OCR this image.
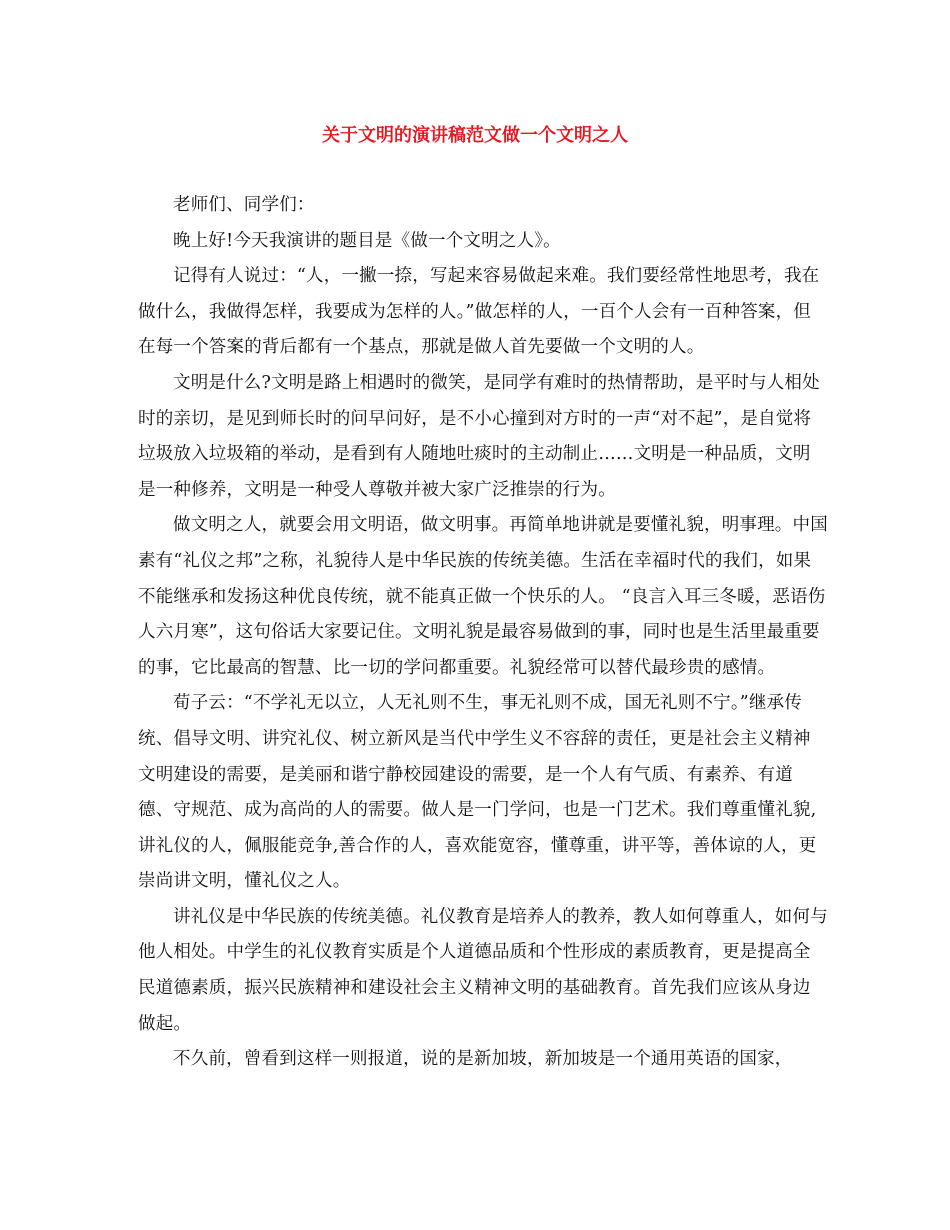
关于文明的演讲稿范文做一个文明之人

老师们、同学们：

晚上好!今天我演讲的题目是《做一个文明之人》。

记得有人说过：“人，一撇一捺，写起来容易做起来难。我们要经常性地思考，我在做什么，我做得怎样，我要成为怎样的人。”做怎样的人，一百个人会有一百种答案，但在每一个答案的背后都有一个基点，那就是做人首先要做一个文明的人。

文明是什么?文明是路上相遇时的微笑，是同学有难时的热情帮助，是平时与人相处时的亲切，是见到师长时的问早问好，是不小心撞到对方时的一声“对不起”，是自觉将垃圾放入垃圾箱的举动，是看到有人随地吐痰时的主动制止……文明是一种品质，文明是一种修养，文明是一种受人尊敬并被大家广泛推崇的行为。

做文明之人，就要会用文明语，做文明事。再简单地讲就是要懂礼貌，明事理。中国素有“礼仪之邦”之称，礼貌待人是中华民族的传统美德。生活在幸福时代的我们，如果不能继承和发扬这种优良传统，就不能真正做一个快乐的人。 “良言入耳三冬暖，恶语伤人六月寒”，这句俗话大家要记住。文明礼貌是最容易做到的事，同时也是生活里最重要的事，它比最高的智慧、比一切的学问都重要。礼貌经常可以替代最珍贵的感情。

荀子云：“不学礼无以立，人无礼则不生，事无礼则不成，国无礼则不宁。”继承传统、倡导文明、讲究礼仪、树立新风是当代中学生义不容辞的责任，更是社会主义精神文明建设的需要，是美丽和谐宁静校园建设的需要，是一个人有气质、有素养、有道德、守规范、成为高尚的人的需要。做人是一门学问，也是一门艺术。我们尊重懂礼貌,讲礼仪的人，佩服能竞争,善合作的人，喜欢能宽容，懂尊重，讲平等，善体谅的人，更崇尚讲文明，懂礼仪之人。

讲礼仪是中华民族的传统美德。礼仪教育是培养人的教养，教人如何尊重人，如何与他人相处。中学生的礼仪教育实质是个人道德品质和个性形成的素质教育，更是提高全民道德素质，振兴民族精神和建设社会主义精神文明的基础教育。首先我们应该从身边做起。

不久前，曾看到这样一则报道，说的是新加坡，新加坡是一个通用英语的国家，
